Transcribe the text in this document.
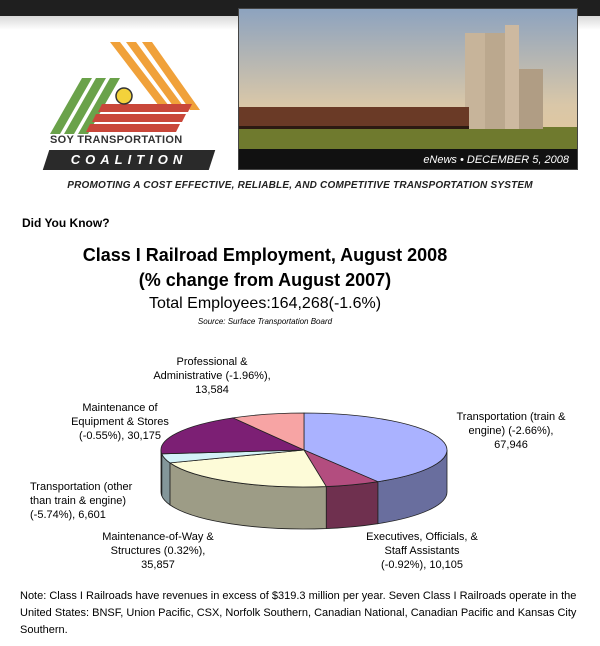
SOY TRANSPORTATION
COALITION	eNews • DECEMBER 5, 2008
PROMOTING A COST EFFECTIVE, RELIABLE, AND COMPETITIVE TRANSPORTATION SYSTEM
Did You Know?
Class I Railroad Employment, August 2008
(% change from August 2007)
Total Employees:164,268(-1.6%)
Source: Surface Transportation Board
Professional &
Administrative (-1.96%),
13,584
Maintenance of
Equipment & Stores
(-0.55%), 30,175
Transportation (other
than train & engine)
(-5.74%), 6,601
Maintenance-of-Way &
Structures (0.32%),
35,857
Executives, Officials, &
Staff Assistants
(-0.92%), 10,105
Transportation (train &
engine) (-2.66%),
67,946
Note: Class I Railroads have revenues in excess of $319.3 million per year. Seven Class I Railroads operate in the United States: BNSF, Union Pacific, CSX, Norfolk Southern, Canadian National, Canadian Pacific and Kansas City Southern.
